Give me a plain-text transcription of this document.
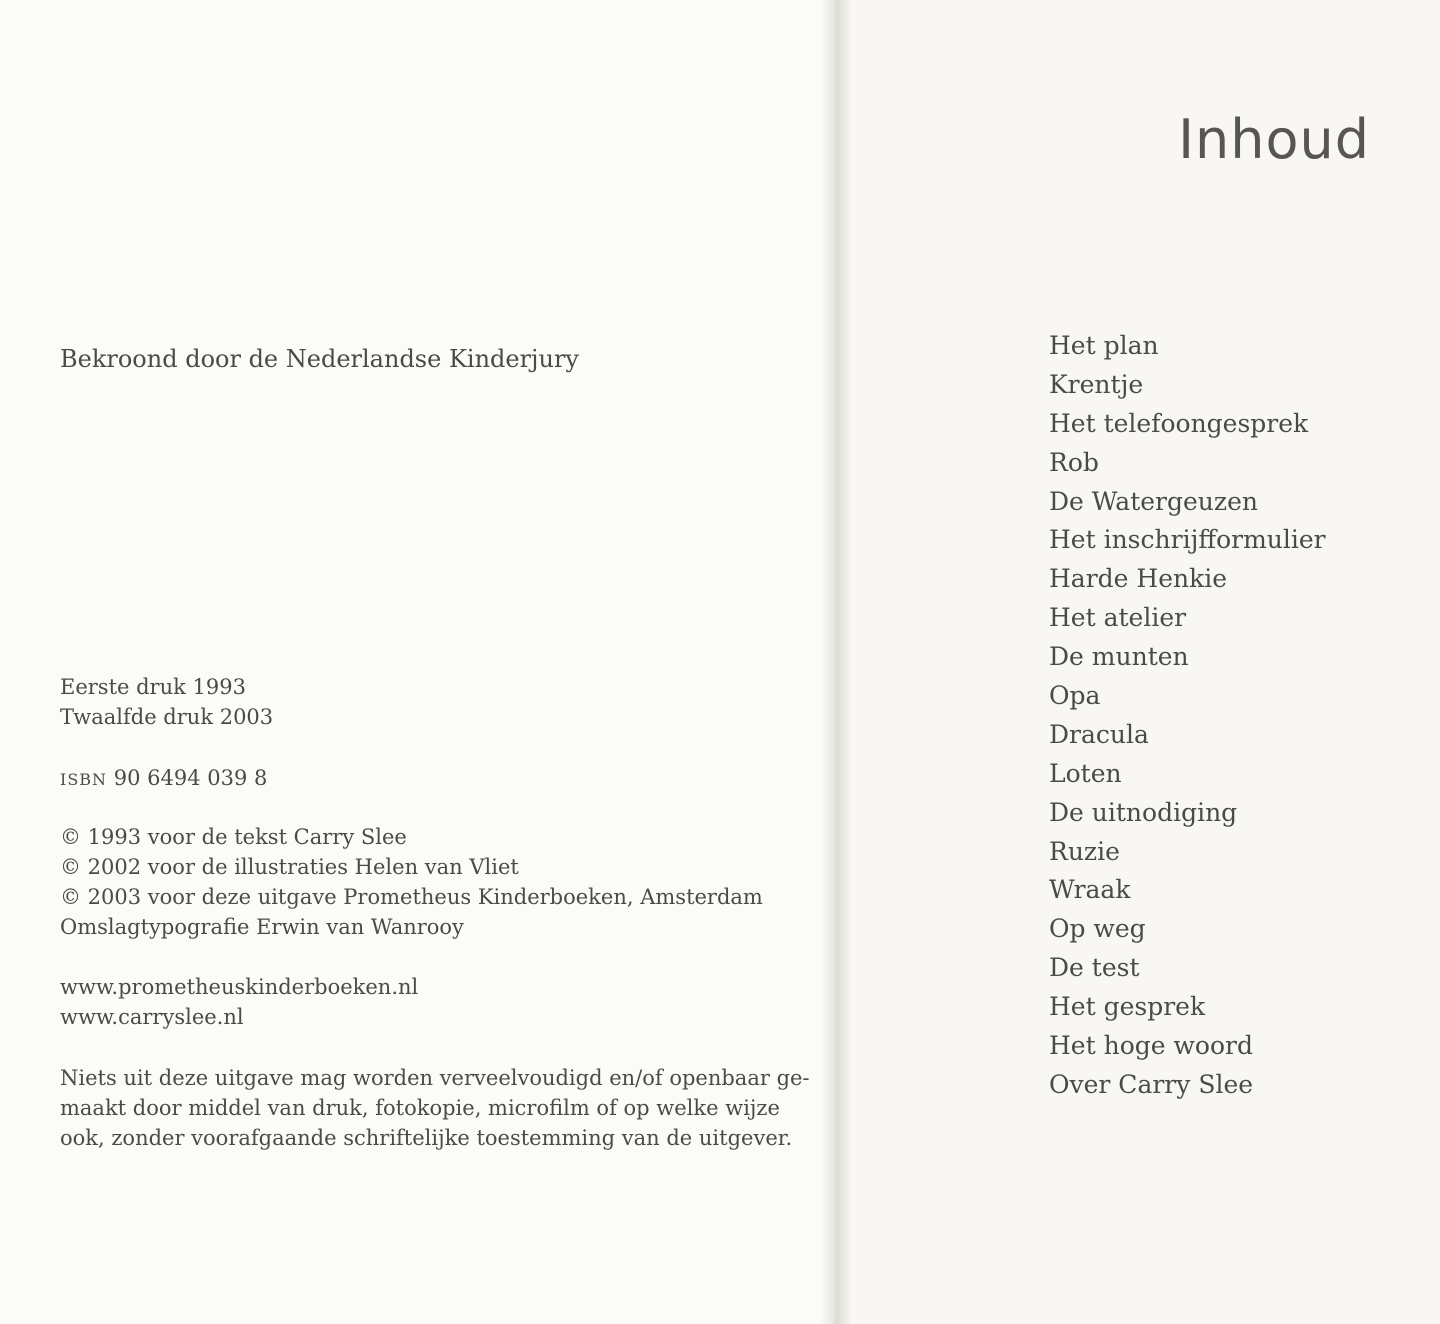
Bekroond door de Nederlandse Kinderjury

Eerste druk 1993

Twaalfde druk 2003

ISBN 90 6494 039 8

© 1993 voor de tekst Carry Slee

© 2002 voor de illustraties Helen van Vliet

© 2003 voor deze uitgave Prometheus Kinderboeken, Amsterdam

Omslagtypografie Erwin van Wanrooy

www.prometheuskinderboeken.nl

www.carryslee.nl

Niets uit deze uitgave mag worden verveelvoudigd en/of openbaar ge-

maakt door middel van druk, fotokopie, microfilm of op welke wijze

ook, zonder voorafgaande schriftelijke toestemming van de uitgever.

Inhoud
Het plan
Krentje
Het telefoongesprek
Rob
De Watergeuzen
Het inschrijfformulier
Harde Henkie
Het atelier
De munten
Opa
Dracula
Loten
De uitnodiging
Ruzie
Wraak
Op weg
De test
Het gesprek
Het hoge woord
Over Carry Slee
